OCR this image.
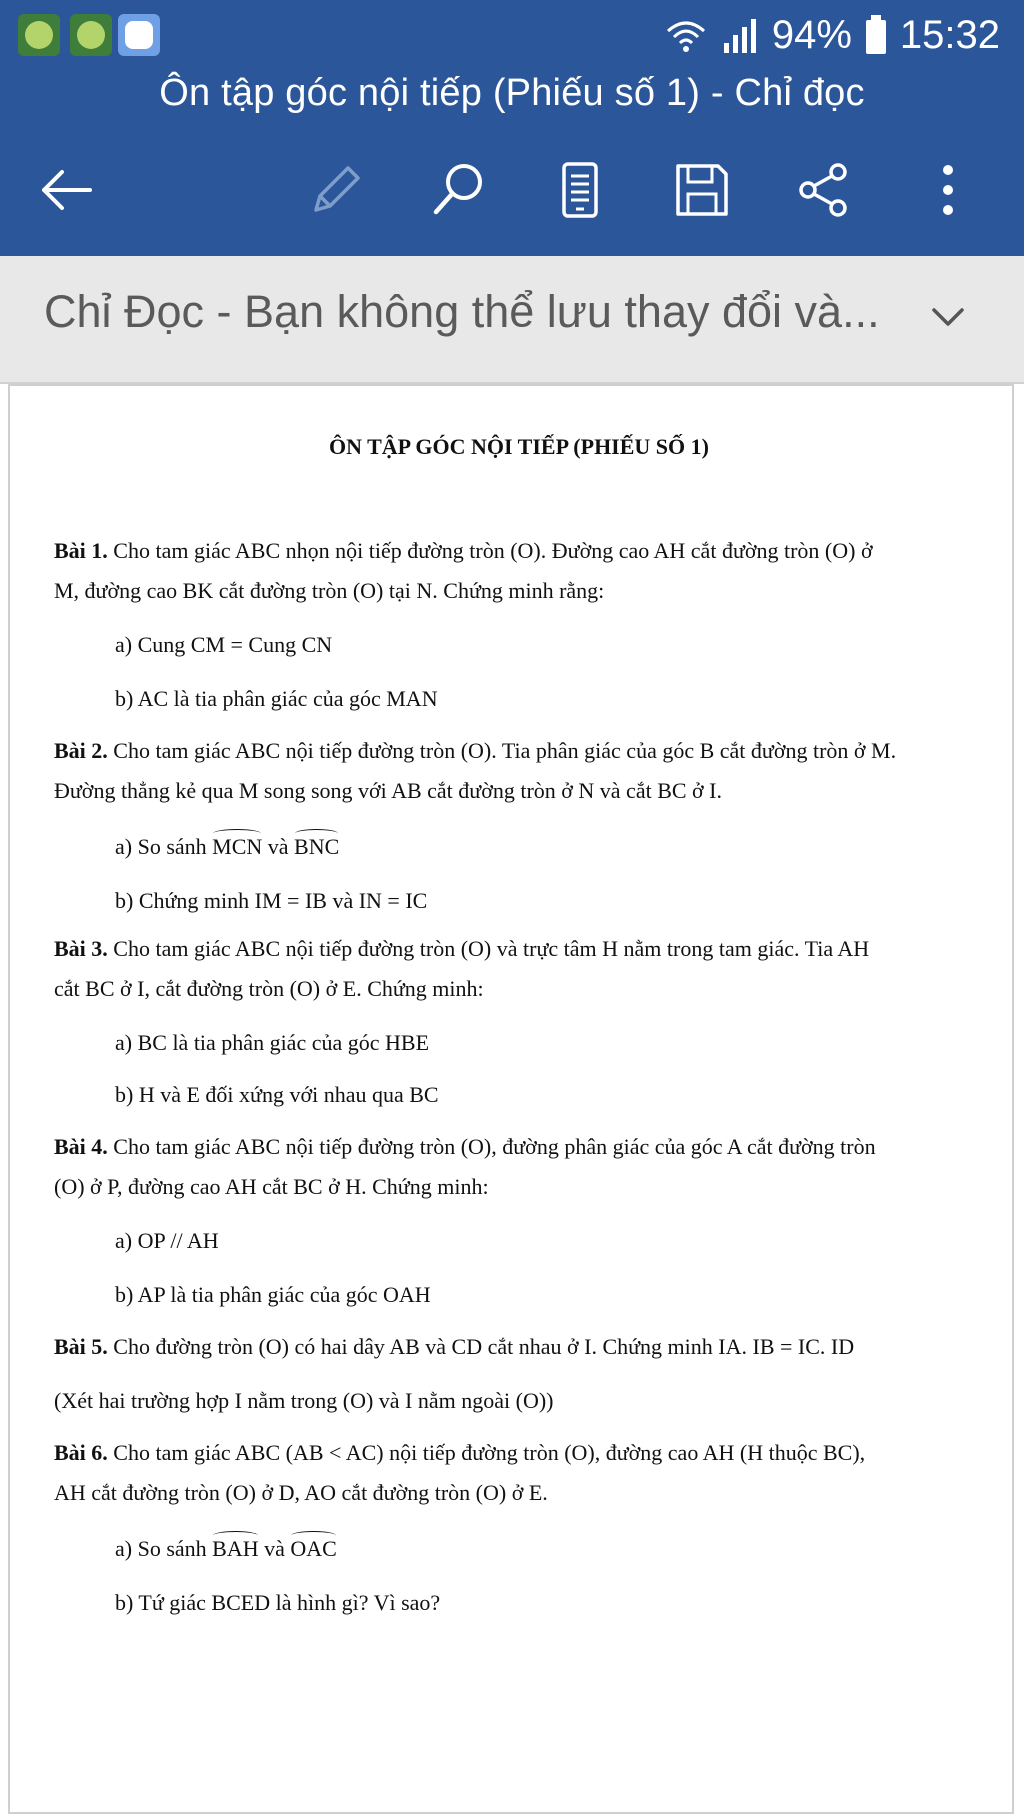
94% 15:32
Ôn tập góc nội tiếp (Phiếu số 1) - Chỉ đọc
Chỉ Đọc - Bạn không thể lưu thay đổi và...
ÔN TẬP GÓC NỘI TIẾP (PHIẾU SỐ 1)
Bài 1. Cho tam giác ABC nhọn nội tiếp đường tròn (O). Đường cao AH cắt đường tròn (O) ở
M, đường cao BK cắt đường tròn (O) tại N. Chứng minh rằng:
a) Cung CM = Cung CN
b) AC là tia phân giác của góc MAN
Bài 2. Cho tam giác ABC nội tiếp đường tròn (O). Tia phân giác của góc B cắt đường tròn ở M.
Đường thẳng kẻ qua M song song với AB cắt đường tròn ở N và cắt BC ở I.
a) So sánh MCN và BNC
b) Chứng minh IM = IB và IN = IC
Bài 3. Cho tam giác ABC nội tiếp đường tròn (O) và trực tâm H nằm trong tam giác. Tia AH
cắt BC ở I, cắt đường tròn (O) ở E. Chứng minh:
a) BC là tia phân giác của góc HBE
b) H và E đối xứng với nhau qua BC
Bài 4. Cho tam giác ABC nội tiếp đường tròn (O), đường phân giác của góc A cắt đường tròn
(O) ở P, đường cao AH cắt BC ở H. Chứng minh:
a) OP // AH
b) AP là tia phân giác của góc OAH
Bài 5. Cho đường tròn (O) có hai dây AB và CD cắt nhau ở I. Chứng minh IA. IB = IC. ID
(Xét hai trường hợp I nằm trong (O) và I nằm ngoài (O))
Bài 6. Cho tam giác ABC (AB < AC) nội tiếp đường tròn (O), đường cao AH (H thuộc BC),
AH cắt đường tròn (O) ở D, AO cắt đường tròn (O) ở E.
a) So sánh BAH và OAC
b) Tứ giác BCED là hình gì? Vì sao?
